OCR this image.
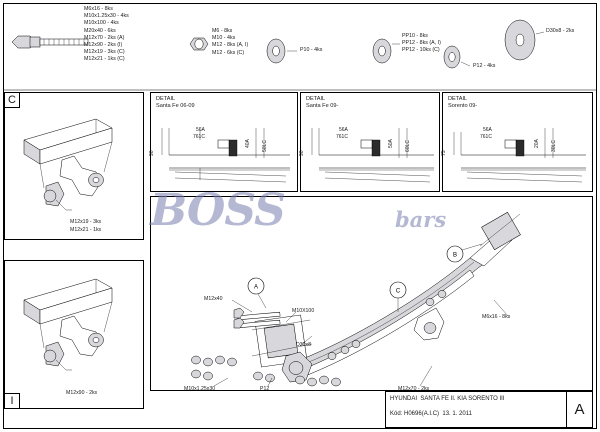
M6x16 - 8ks
M10x1.25x30 - 4ks
M10x100 - 4ks
M20x40 - 6ks
M12x70 - 2ks (A)
M12x90 - 2ks (I)
M12x19 - 3ks (C)
M12x21 - 1ks (C)
M6 - 8ks
M10 - 4ks
M12 - 8ks (A, I)
M12 - 6ks (C)	P10 - 4ks
PP10 - 8ks
PP12 - 8ks (A, I)
PP12 - 10ks (C)
P12 - 4ks
D30x8 - 2ks
C
I
M12x19 - 3ks
M12x21 - 1ks
M12x90 - 2ks
DETAIL
Santa Fe 06-09
DETAIL
Santa Fe 09-
DETAIL
Sorento 09-
90
56A
761C
40A 50LC
90
56A
761C
50A 60LC
75
56A
761C
20A 30LC
A
B
C
M12x40
M10X100
D30x8
M10x1.25x30	P12	M12x70 - 2ks
M6x16 - 8ks
BOSS	bars
HYUNDAI  SANTA FE II. KIA SORENTO III
Kód: H0696(A.I.C)  13. 1. 2011	A
